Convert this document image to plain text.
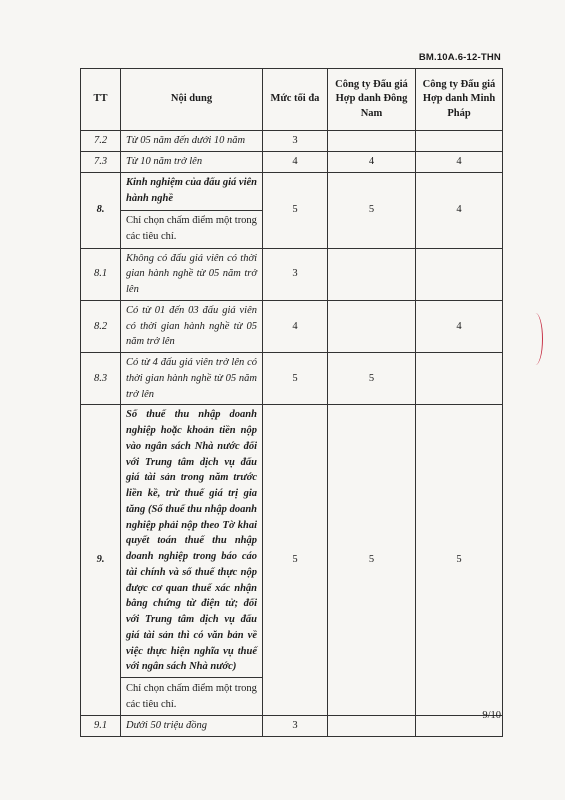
BM.10A.6-12-THN
TT	Nội dung	Mức tối đa	Công ty Đấu giá Hợp danh Đông Nam	Công ty Đấu giá Hợp danh Minh Pháp
7.2	Từ 05 năm đến dưới 10 năm	3		
7.3	Từ 10 năm trở lên	4	4	4
8.	Kinh nghiệm của đấu giá viên hành nghề	5	5	4
	Chỉ chọn chấm điểm một trong các tiêu chí.			
8.1	Không có đấu giá viên có thời gian hành nghề từ 05 năm trở lên	3		
8.2	Có từ 01 đến 03 đấu giá viên có thời gian hành nghề từ 05 năm trở lên	4		4
8.3	Có từ 4 đấu giá viên trở lên có thời gian hành nghề từ 05 năm trở lên	5	5	
9.	Số thuế thu nhập doanh nghiệp hoặc khoản tiền nộp vào ngân sách Nhà nước đối với Trung tâm dịch vụ đấu giá tài sản trong năm trước liền kề, trừ thuế giá trị gia tăng (Số thuế thu nhập doanh nghiệp phải nộp theo Tờ khai quyết toán thuế thu nhập doanh nghiệp trong báo cáo tài chính và số thuế thực nộp được cơ quan thuế xác nhận bằng chứng từ điện tử; đối với Trung tâm dịch vụ đấu giá tài sản thì có văn bản về việc thực hiện nghĩa vụ thuế với ngân sách Nhà nước)	5	5	5
	Chỉ chọn chấm điểm một trong các tiêu chí.			
9.1	Dưới 50 triệu đồng	3		
9/10
